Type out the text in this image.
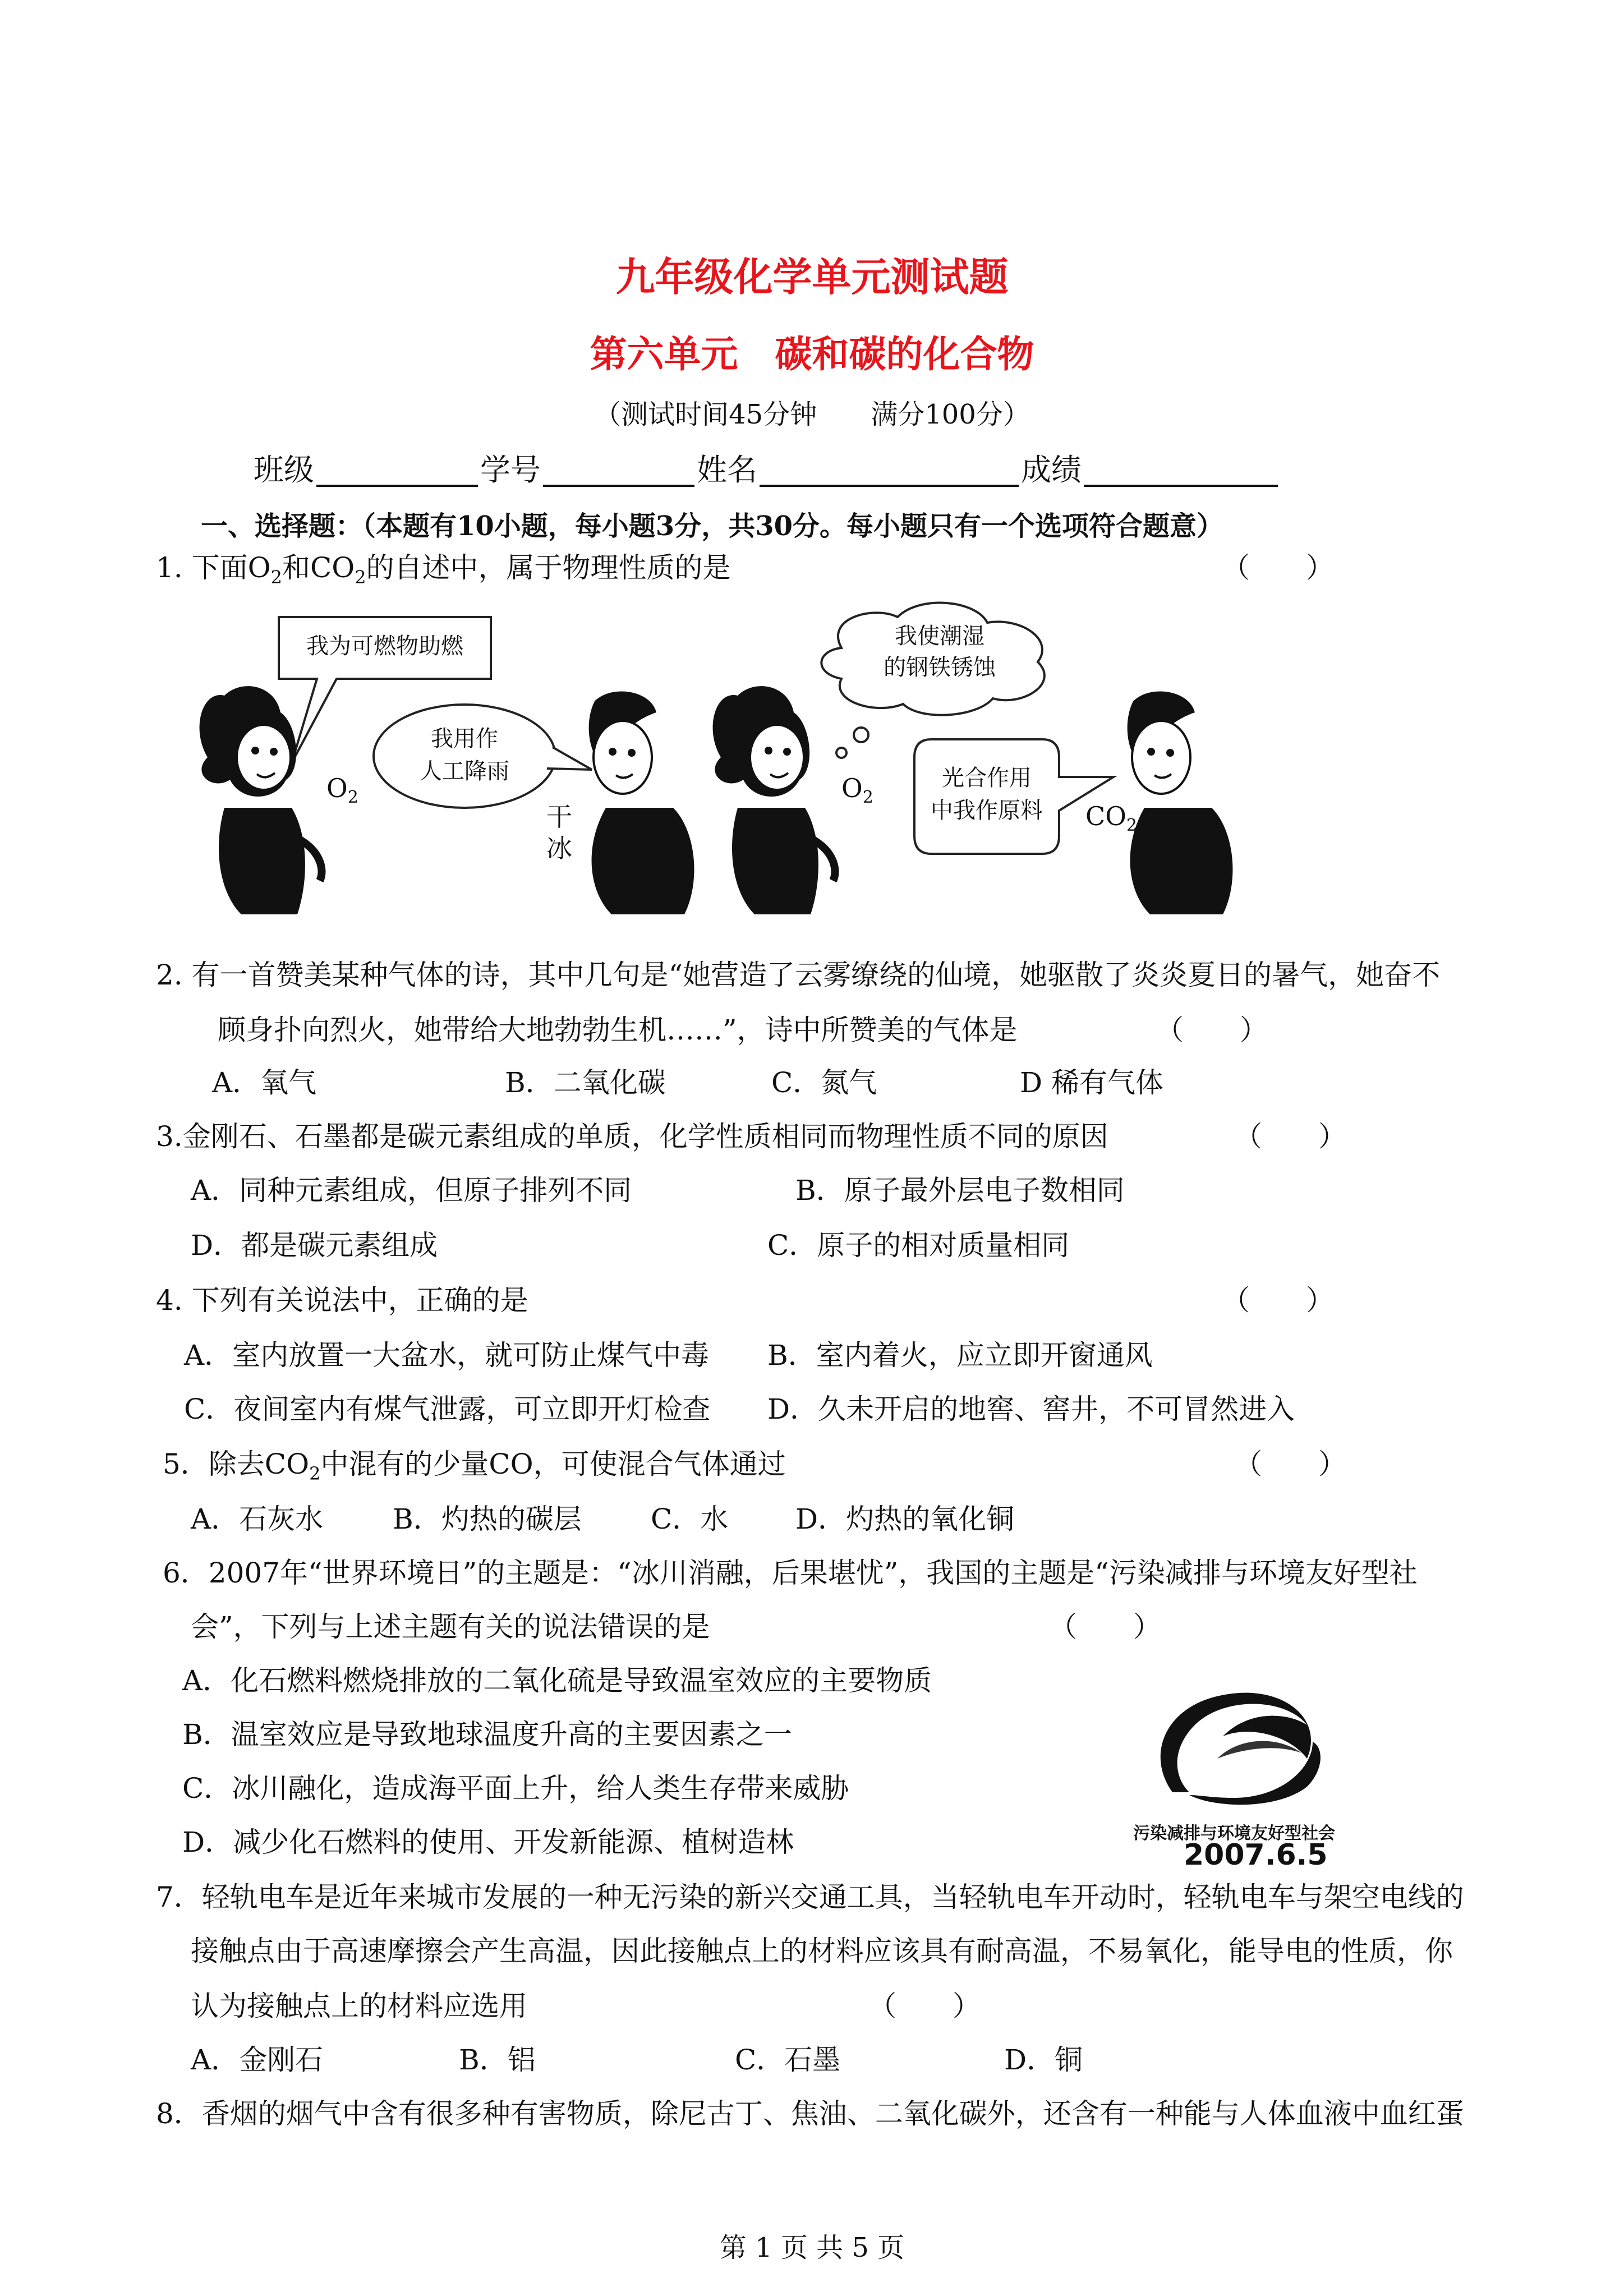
九年级化学单元测试题
第六单元　碳和碳的化合物
（测试时间45分钟　　满分100分）
班级	学号	姓名	成绩
一、选择题：（本题有10小题，每小题3分，共30分。每小题只有一个选项符合题意）
1. 下面$O_2$和$CO_2$的自述中，属于物理性质的是	（　　）
我为可燃物助燃
我用作
人工降雨
我使潮湿
的钢铁锈蚀
光合作用
中我作原料
$O_2$
干
冰
$O_2$
$CO_2$
A	B	C	D
2. 有一首赞美某种气体的诗，其中几句是“她营造了云雾缭绕的仙境，她驱散了炎炎夏日的暑气，她奋不
顾身扑向烈火，她带给大地勃勃生机……”，诗中所赞美的气体是	（　　）
A．氧气	B．二氧化碳	C．氮气	D 稀有气体
3.金刚石、石墨都是碳元素组成的单质，化学性质相同而物理性质不同的原因	（　　）
A．同种元素组成，但原子排列不同	B．原子最外层电子数相同
D．都是碳元素组成	C．原子的相对质量相同
4. 下列有关说法中，正确的是	（　　）
A．室内放置一大盆水，就可防止煤气中毒 B．室内着火，应立即开窗通风
C．夜间室内有煤气泄露，可立即开灯检查 D．久未开启的地窖、窖井，不可冒然进入
5．除去$CO_2$中混有的少量CO，可使混合气体通过	（　　）
A．石灰水 B．灼热的碳层 C．水 D．灼热的氧化铜
6．2007年“世界环境日”的主题是：“冰川消融，后果堪忧”，我国的主题是“污染减排与环境友好型社
会”，下列与上述主题有关的说法错误的是	（　　）
A．化石燃料燃烧排放的二氧化硫是导致温室效应的主要物质
B．温室效应是导致地球温度升高的主要因素之一
C．冰川融化，造成海平面上升，给人类生存带来威胁
D．减少化石燃料的使用、开发新能源、植树造林	污染减排与环境友好型社会
2007.6.5
7．轻轨电车是近年来城市发展的一种无污染的新兴交通工具，当轻轨电车开动时，轻轨电车与架空电线的
接触点由于高速摩擦会产生高温，因此接触点上的材料应该具有耐高温，不易氧化，能导电的性质，你
认为接触点上的材料应选用	（　　）
A．金刚石	B．铝	C．石墨	D．铜
8．香烟的烟气中含有很多种有害物质，除尼古丁、焦油、二氧化碳外，还含有一种能与人体血液中血红蛋
第 1 页 共 5 页
